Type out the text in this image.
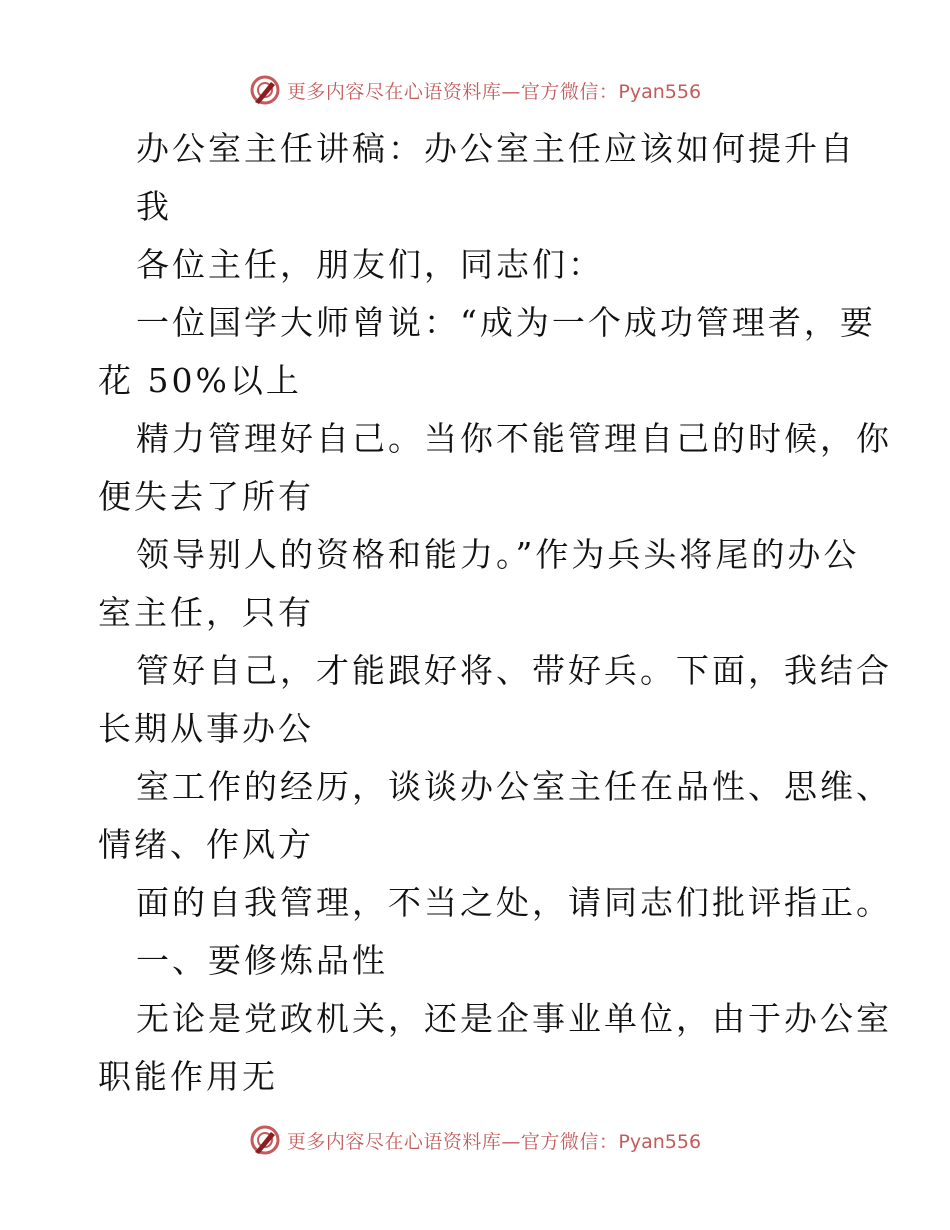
更多内容尽在心语资料库—官方微信：Pyan556
办公室主任讲稿：办公室主任应该如何提升自
我
各位主任，朋友们，同志们：
一位国学大师曾说：“成为一个成功管理者，要
花 50%以上
精力管理好自己。当你不能管理自己的时候，你
便失去了所有
领导别人的资格和能力。”作为兵头将尾的办公
室主任，只有
管好自己，才能跟好将、带好兵。下面，我结合
长期从事办公
室工作的经历，谈谈办公室主任在品性、思维、
情绪、作风方
面的自我管理，不当之处，请同志们批评指正。
一、要修炼品性
无论是党政机关，还是企事业单位，由于办公室
职能作用无
更多内容尽在心语资料库—官方微信：Pyan556
